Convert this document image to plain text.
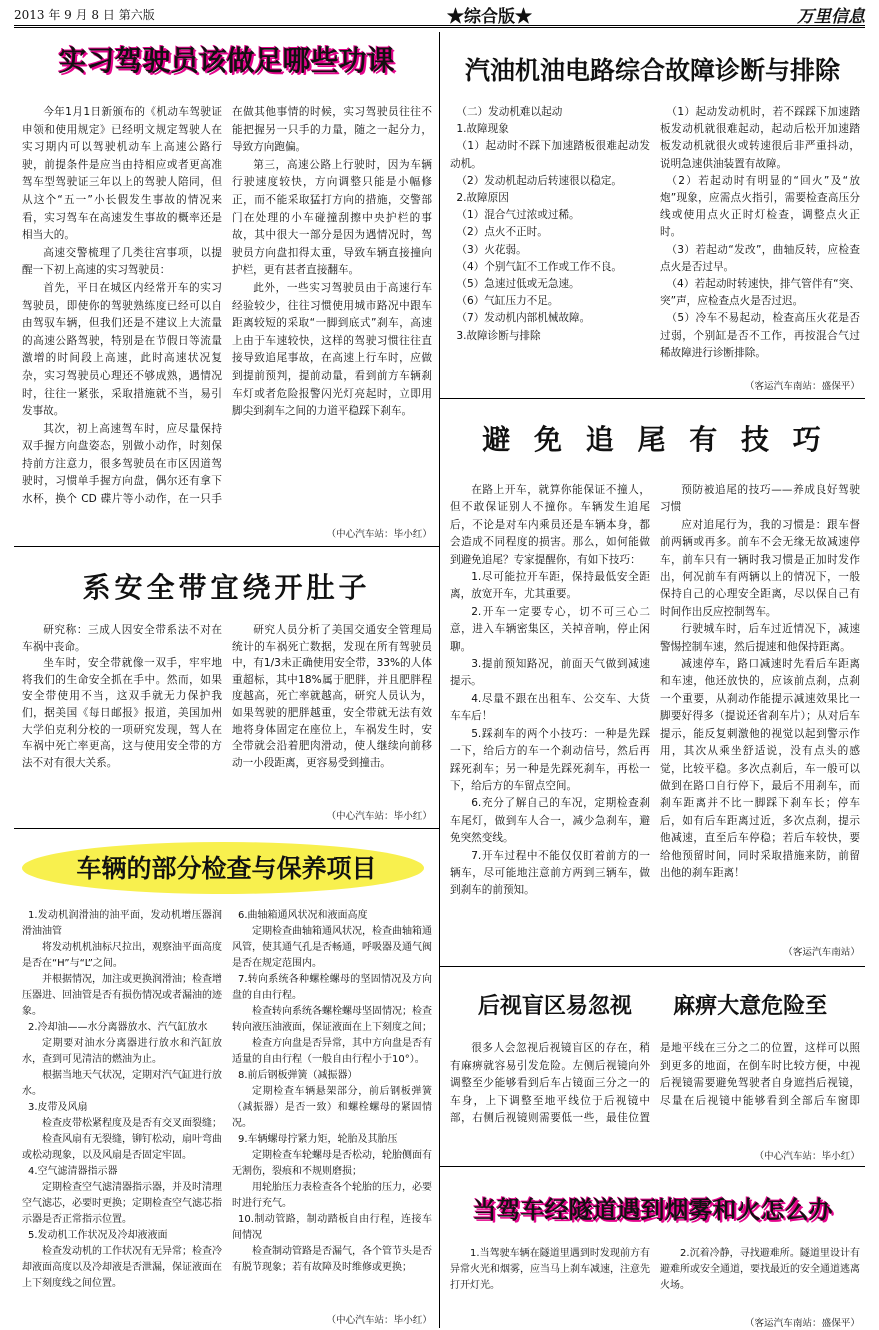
2013 年 9 月 8 日 第六版	★综合版★	万里信息
实习驾驶员该做足哪些功课

今年1月1日新颁布的《机动车驾驶证申领和使用规定》已经明文规定驾驶人在实习期内可以驾驶机动车上高速公路行驶，前提条件是应当由持相应或者更高准驾车型驾驶证三年以上的驾驶人陪同，但从这个“五一”小长假发生事故的情况来看，实习驾车在高速发生事故的概率还是相当大的。

高速交警梳理了几类往宫事项，以提醒一下初上高速的实习驾驶员：

首先，平日在城区内经常开车的实习驾驶员，即使你的驾驶熟练度已经可以自由驾驭车辆，但我们还是不建议上大流量的高速公路驾驶，特别是在节假日等流量激增的时间段上高速，此时高速状况复杂，实习驾驶员心理还不够成熟，遇情况时，往往一紧张，采取措施就不当，易引发事故。

其次，初上高速驾车时，应尽量保持双手握方向盘姿态，别做小动作，时刻保持前方注意力，很多驾驶员在市区因道驾驶时，习惯单手握方向盘，偶尔还有拿下水杯，换个 CD 碟片等小动作，在一只手在做其他事情的时候，实习驾驶员往往不能把握另一只手的力量，随之一起分力，导致方向跑偏。

第三，高速公路上行驶时，因为车辆行驶速度较快，方向调整只能是小幅修正，而不能采取猛打方向的措施，交警部门在处理的小车碰撞刮擦中央护栏的事故，其中很大一部分是因为遇情况时，驾驶员方向盘扣得太重，导致车辆直接撞向护栏，更有甚者直接翻车。

此外，一些实习驾驶员由于高速行车经验较少，往往习惯使用城市路况中跟车距离较短的采取“一脚到底式”刹车，高速上由于车速较快，这样的驾驶习惯往往直接导致追尾事故，在高速上行车时，应做到提前预判，提前动量，看到前方车辆刹车灯或者危险报警闪光灯亮起时，立即用脚尖到刹车之间的力道平稳踩下刹车。

（中心汽车站：毕小红）
汽油机油电路综合故障诊断与排除

（二）发动机难以起动

1.故障现象

（1）起动时不踩下加速踏板很难起动发动机。

（2）发动机起动后转速很以稳定。

2.故障原因

（1）混合气过浓或过稀。

（2）点火不正时。

（3）火花弱。

（4）个别气缸不工作或工作不良。

（5）急速过低或无急速。

（6）气缸压力不足。

（7）发动机内部机械故障。

3.故障诊断与排除

（1）起动发动机时，若不踩踩下加速踏板发动机就很难起动，起动后松开加速踏板发动机就很火或转速很后非严重抖动，说明急速供油装置有故障。

（2）若起动时有明显的“回火”及“放炮”现象，应需点火指引，需要检查高压分线或使用点火正时灯检查，调整点火正时。

（3）若起动“发改”，曲轴反转，应检查点火是否过早。

（4）若起动时转速快，排气管伴有“突、突”声，应检查点火是否过迟。

（5）冷车不易起动，检查高压火花是否过弱，个别缸是否不工作，再按混合气过稀故障进行诊断排除。

（客运汽车南站：盛保平）
避 免 追 尾 有 技 巧

在路上开车，就算你能保证不撞人，但不敢保证别人不撞你。车辆发生追尾后，不论是对车内乘员还是车辆本身，都会造成不同程度的损害。那么，如何能做到避免追尾？专家提醒你，有如下技巧：

1.尽可能拉开车距，保持最低安全距离，放宽开车，尤其重要。

2.开车一定要专心，切不可三心二意，进入车辆密集区，关掉音响，停止闲聊。

3.提前预知路况，前面天气做到减速提示。

4.尽量不跟在出租车、公交车、大货车车后！

5.踩刹车的两个小技巧：一种是先踩一下，给后方的车一个刹动信号，然后再踩死刹车；另一种是先踩死刹车，再松一下，给后方的车留点空间。

6.充分了解自己的车况，定期检查刹车尾灯，做到车人合一，减少急刹车，避免突然变线。

7.开车过程中不能仅仅盯着前方的一辆车，尽可能地注意前方两到三辆车，做到刹车的前预知。

预防被追尾的技巧——养成良好驾驶习惯

应对追尾行为，我的习惯是：跟车督前两辆或再多。前车不会无缘无故减速停车，前车只有一辆时我习惯是正加时发作出，何况前车有两辆以上的情况下，一般保持自己的心理安全距离，尽以保自己有时间作出反应控制驾车。

行驶城车时，后车过近情况下，减速警惕控制车速，然后提速和他保持距离。

减速停车，路口减速时先看后车距离和车速，他还放快的，应该前点刹，点刹一个重要，从刹动作能提示减速效果比一脚要好得多（提说还省刹车片）；从对后车提示，能反复刺激他的视觉以起到警示作用，其次从乘坐舒适说，没有点头的感觉，比较平稳。多次点刹后，车一般可以做到在路口自行停下，最后不用刹车，而刹车距离并不比一脚踩下刹车长；停车后，如有后车距离过近，多次点刹，提示他减速，直至后车停稳；若后车较快，要给他预留时间，同时采取措施来防，前留出他的刹车距离！

（客运汽车南站）
系安全带宜绕开肚子

研究称：三成人因安全带系法不对在车祸中丧命。

坐车时，安全带就像一双手，牢牢地将我们的生命安全抓在手中。然而，如果安全带使用不当，这双手就无力保护我们，据美国《每日邮报》报道，美国加州大学伯克利分校的一项研究发现，驾人在车祸中死亡率更高，这与使用安全带的方法不对有很大关系。

研究人员分析了美国交通安全管理局统计的车祸死亡数据，发现在所有驾驶员中，有1/3未正确使用安全带，33%的人体重超标，其中18%属于肥胖，并且肥胖程度越高，死亡率就越高，研究人员认为，如果驾驶的肥胖越重，安全带就无法有效地将身体固定在座位上，车祸发生时，安全带就会沿着肥肉滑动，使人继续向前移动一小段距离，更容易受到撞击。

（中心汽车站：毕小红）
车辆的部分检查与保养项目

1.发动机润滑油的油平面，发动机增压器润滑油油管

将发动机机油标尺拉出，观察油平面高度是否在“H”与“L”之间。

并根据情况，加注或更换润滑油；检查增压器进、回油管是否有损伤情况或者漏油的迹象。

2.冷却油——水分离器放水、汽气缸放水

定期要对油水分离器进行放水和汽缸放水，查到可见清洁的燃油为止。

根据当地天气状况，定期对汽气缸进行放水。

3.皮带及风扇

检查皮带松紧程度及是否有交叉面裂缝；

检查风扇有无裂缝，铆钉松动，扇叶弯曲或松动现象，以及风扇是否固定牢固。

4.空气滤清器指示器

定期检查空气滤清器指示器，并及时清理空气滤芯，必要时更换；定期检查空气滤芯指示器是否正常指示位置。

5.发动机工作状况及冷却液液面

检查发动机的工作状况有无异常；检查冷却液面高度以及冷却液是否泄漏，保证液面在上下刻度线之间位置。

6.曲轴箱通风状况和液面高度

定期检查曲轴箱通风状况，检查曲轴箱通风管，使其通气孔是否畅通，呼吸器及通气阀是否在规定范围内。

7.转向系统各种螺栓螺母的坚固情况及方向盘的自由行程。

检查转向系统各螺栓螺母坚固情况；检查转向液压油液面，保证液面在上下刻度之间；

检查方向盘是否异常，其中方向盘是否有适量的自由行程（一般自由行程小于10°）。

8.前后钢板弹簧（减振器）

定期检查车辆悬架部分，前后钢板弹簧（减振器）是否一致）和螺栓螺母的紧固情况。

9.车辆螺母拧紧力矩，轮胎及其胎压

定期检查车轮螺母是否松动，轮胎侧面有无割伤，裂痕和不规则磨损；

用轮胎压力表检查各个轮胎的压力，必要时进行充气。

10.制动管路，制动踏板自由行程，连接车间情况

检查制动管路是否漏气，各个管节头是否有脱节现象；若有故障及时维修或更换；

（中心汽车站：毕小红）
后视盲区易忽视 麻痹大意危险至

很多人会忽视后视镜盲区的存在，稍有麻痹就容易引发危险。左侧后视镜向外调整至少能够看到后车占镜面三分之一的车身，上下调整至地平线位于后视镜中部，右侧后视镜则需要低一些，最佳位置是地平线在三分之二的位置，这样可以照到更多的地面，在倒车时比较方便，中视后视镜需要避免驾驶者自身遮挡后视镜，尽量在后视镜中能够看到全部后车窗即

（中心汽车站：毕小红）
当驾车经隧道遇到烟雾和火怎么办

1.当驾驶车辆在隧道里遇到时发现前方有异常火光和烟雾，应当马上刹车减速，注意先打开灯光。

2.沉着冷静，寻找避难所。隧道里设计有避难所或安全通道，要找最近的安全通道逃离火场。

（客运汽车南站：盛保平）
